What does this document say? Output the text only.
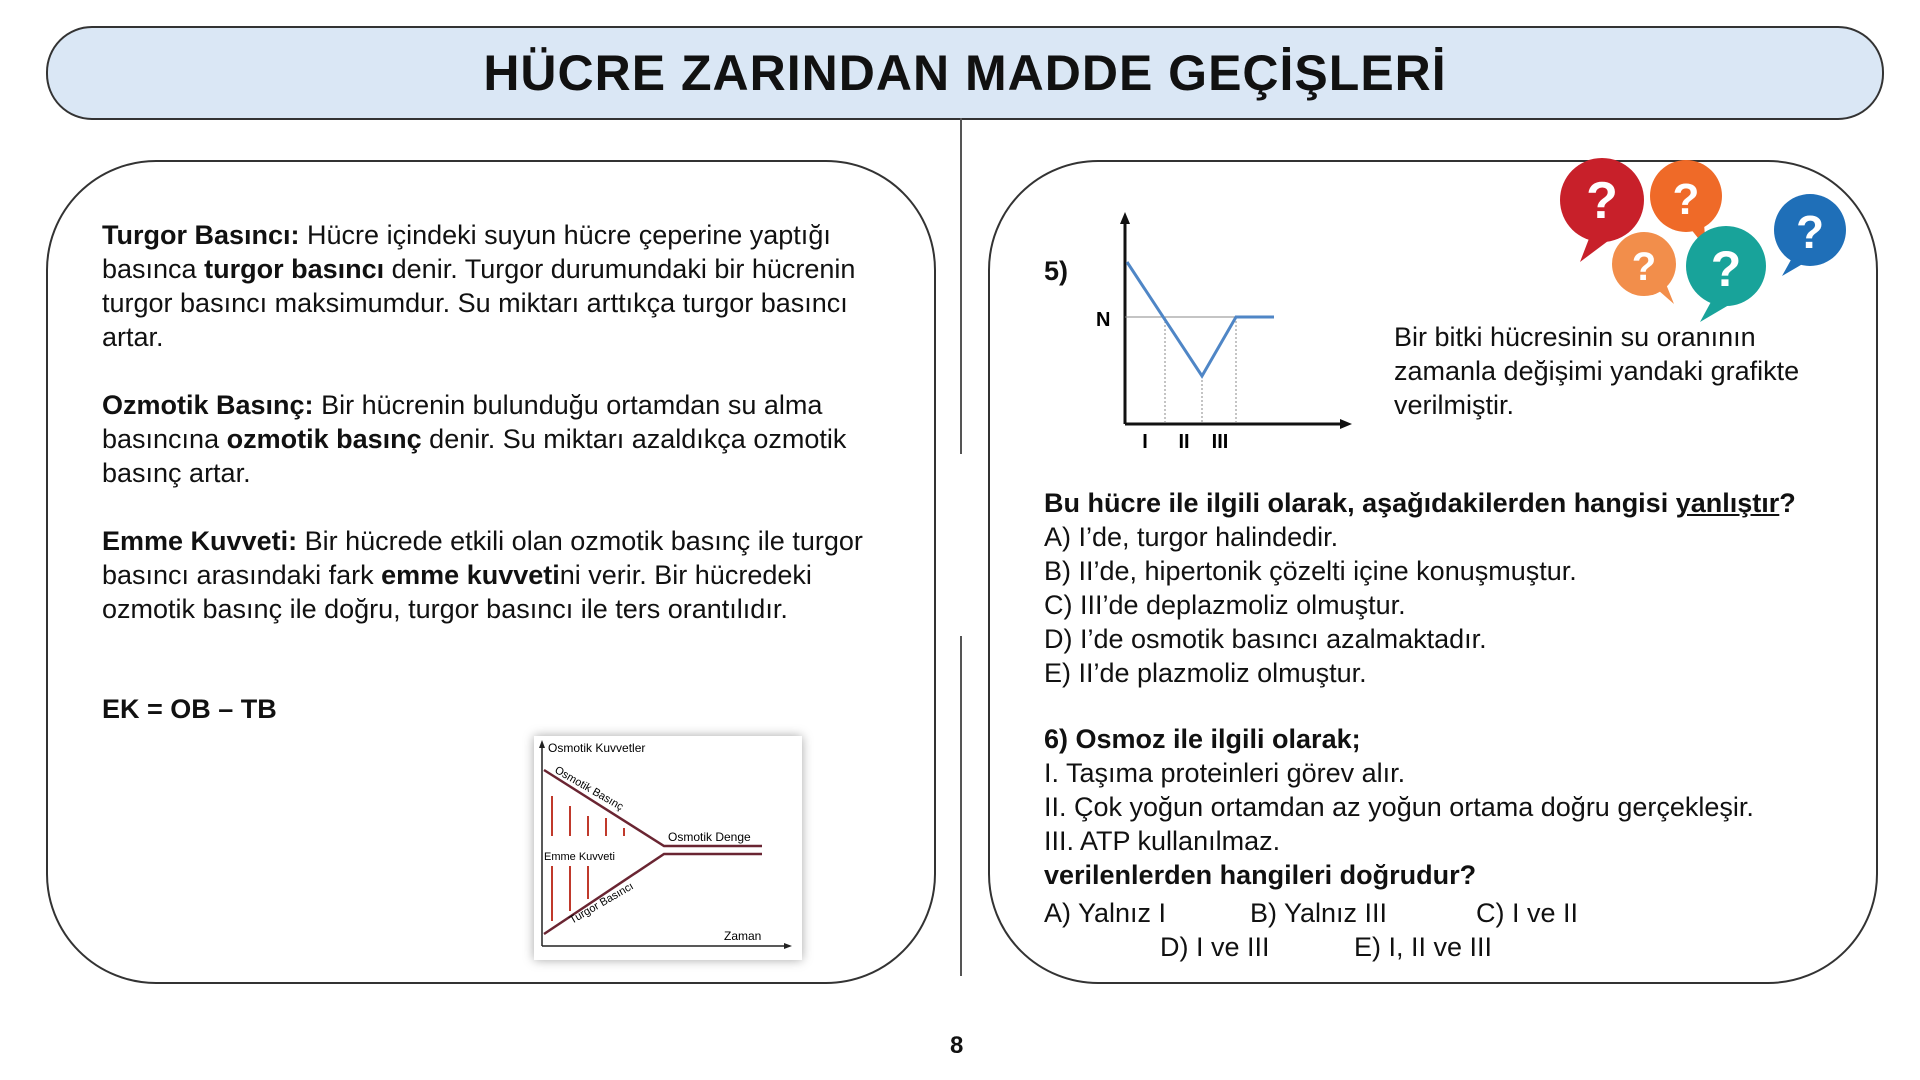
HÜCRE ZARINDAN MADDE GEÇİŞLERİ
Turgor Basıncı: Hücre içindeki suyun hücre çeperine yaptığı basınca turgor basıncı denir. Turgor durumundaki bir hücrenin turgor basıncı maksimumdur. Su miktarı arttıkça turgor basıncı artar.
Ozmotik Basınç: Bir hücrenin bulunduğu ortamdan su alma basıncına ozmotik basınç denir. Su miktarı azaldıkça ozmotik basınç artar.
Emme Kuvveti: Bir hücrede etkili olan ozmotik basınç ile turgor basıncı arasındaki fark emme kuvvetini verir. Bir hücredeki ozmotik basınç ile doğru, turgor basıncı ile ters orantılıdır.
EK = OB – TB
Osmotik Kuvvetler
Zaman
Osmotik Basınç
Turgor Basıncı
Emme Kuvveti
Osmotik Denge
? ?
? ?
?
5)
N
I II III
Bir bitki hücresinin su oranının zamanla değişimi yandaki grafikte verilmiştir.
Bu hücre ile ilgili olarak, aşağıdakilerden hangisi yanlıştır?
A) I’de, turgor halindedir.
B) II’de, hipertonik çözelti içine konuşmuştur.
C) III’de deplazmoliz olmuştur.
D) I’de osmotik basıncı azalmaktadır.
E) II’de plazmoliz olmuştur.
6) Osmoz ile ilgili olarak;
I. Taşıma proteinleri görev alır.
II. Çok yoğun ortamdan az yoğun ortama doğru gerçekleşir.
III. ATP kullanılmaz.
verilenlerden hangileri doğrudur?
A) Yalnız I	B) Yalnız III	C) I ve II
D) I ve III	E) I, II ve III
8
